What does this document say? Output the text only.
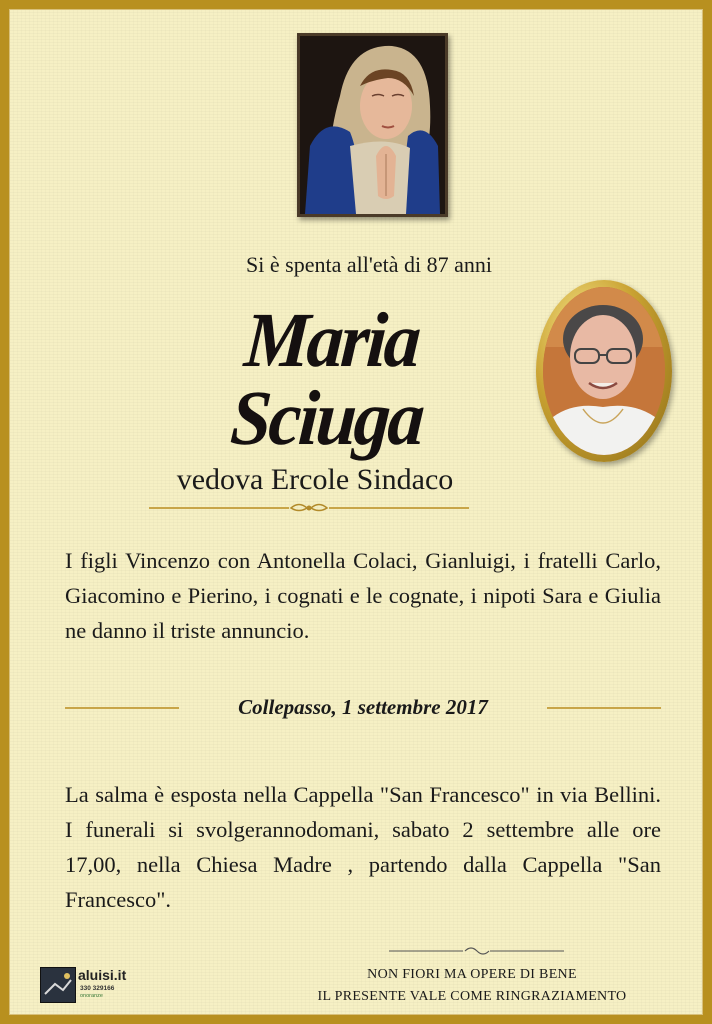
Si è spenta all'età di 87 anni
Maria Sciuga
vedova Ercole Sindaco
I figli Vincenzo con Antonella Colaci, Gianluigi, i fratelli Carlo, Giacomino e Pierino, i cognati e le cognate, i nipoti Sara e Giulia ne danno il triste annuncio.
Collepasso, 1 settembre 2017
La salma è esposta nella Cappella "San Francesco" in via Bellini. I funerali si svolgerannodomani, sabato 2 settembre alle ore 17,00, nella Chiesa Madre , partendo dalla Cappella "San Francesco".
NON FIORI MA OPERE DI BENE
IL PRESENTE VALE COME RINGRAZIAMENTO
aluisi.it
330 329166
onoranze
